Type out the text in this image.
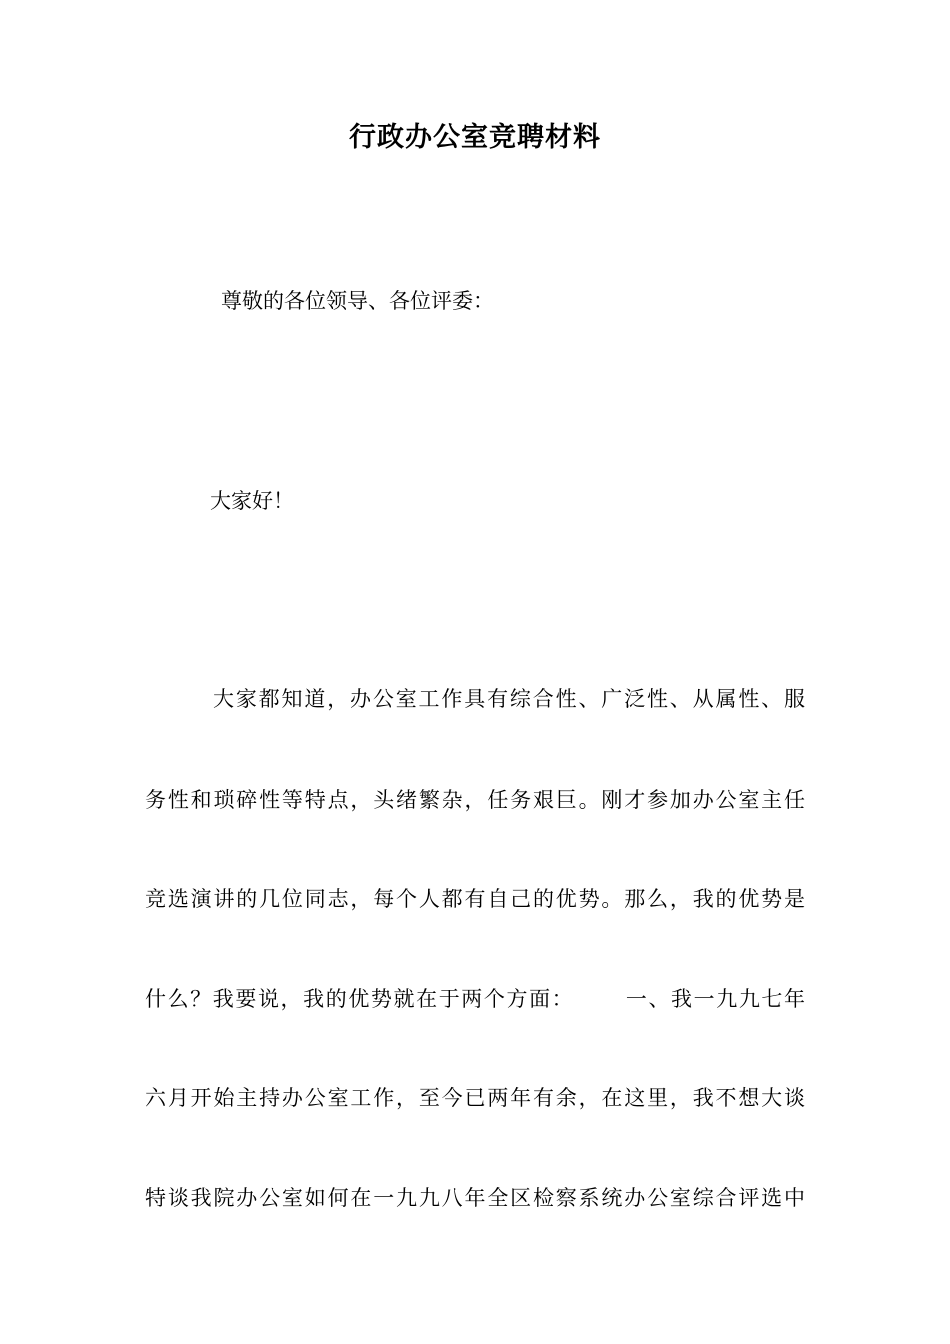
行政办公室竞聘材料
尊敬的各位领导、各位评委：
大家好！
大家都知道，办公室工作具有综合性、广泛性、从属性、服
务性和琐碎性等特点，头绪繁杂，任务艰巨。刚才参加办公室主任
竞选演讲的几位同志，每个人都有自己的优势。那么，我的优势是
什么？我要说，我的优势就在于两个方面： 一、我一九九七年
六月开始主持办公室工作，至今已两年有余，在这里，我不想大谈
特谈我院办公室如何在一九九八年全区检察系统办公室综合评选中
